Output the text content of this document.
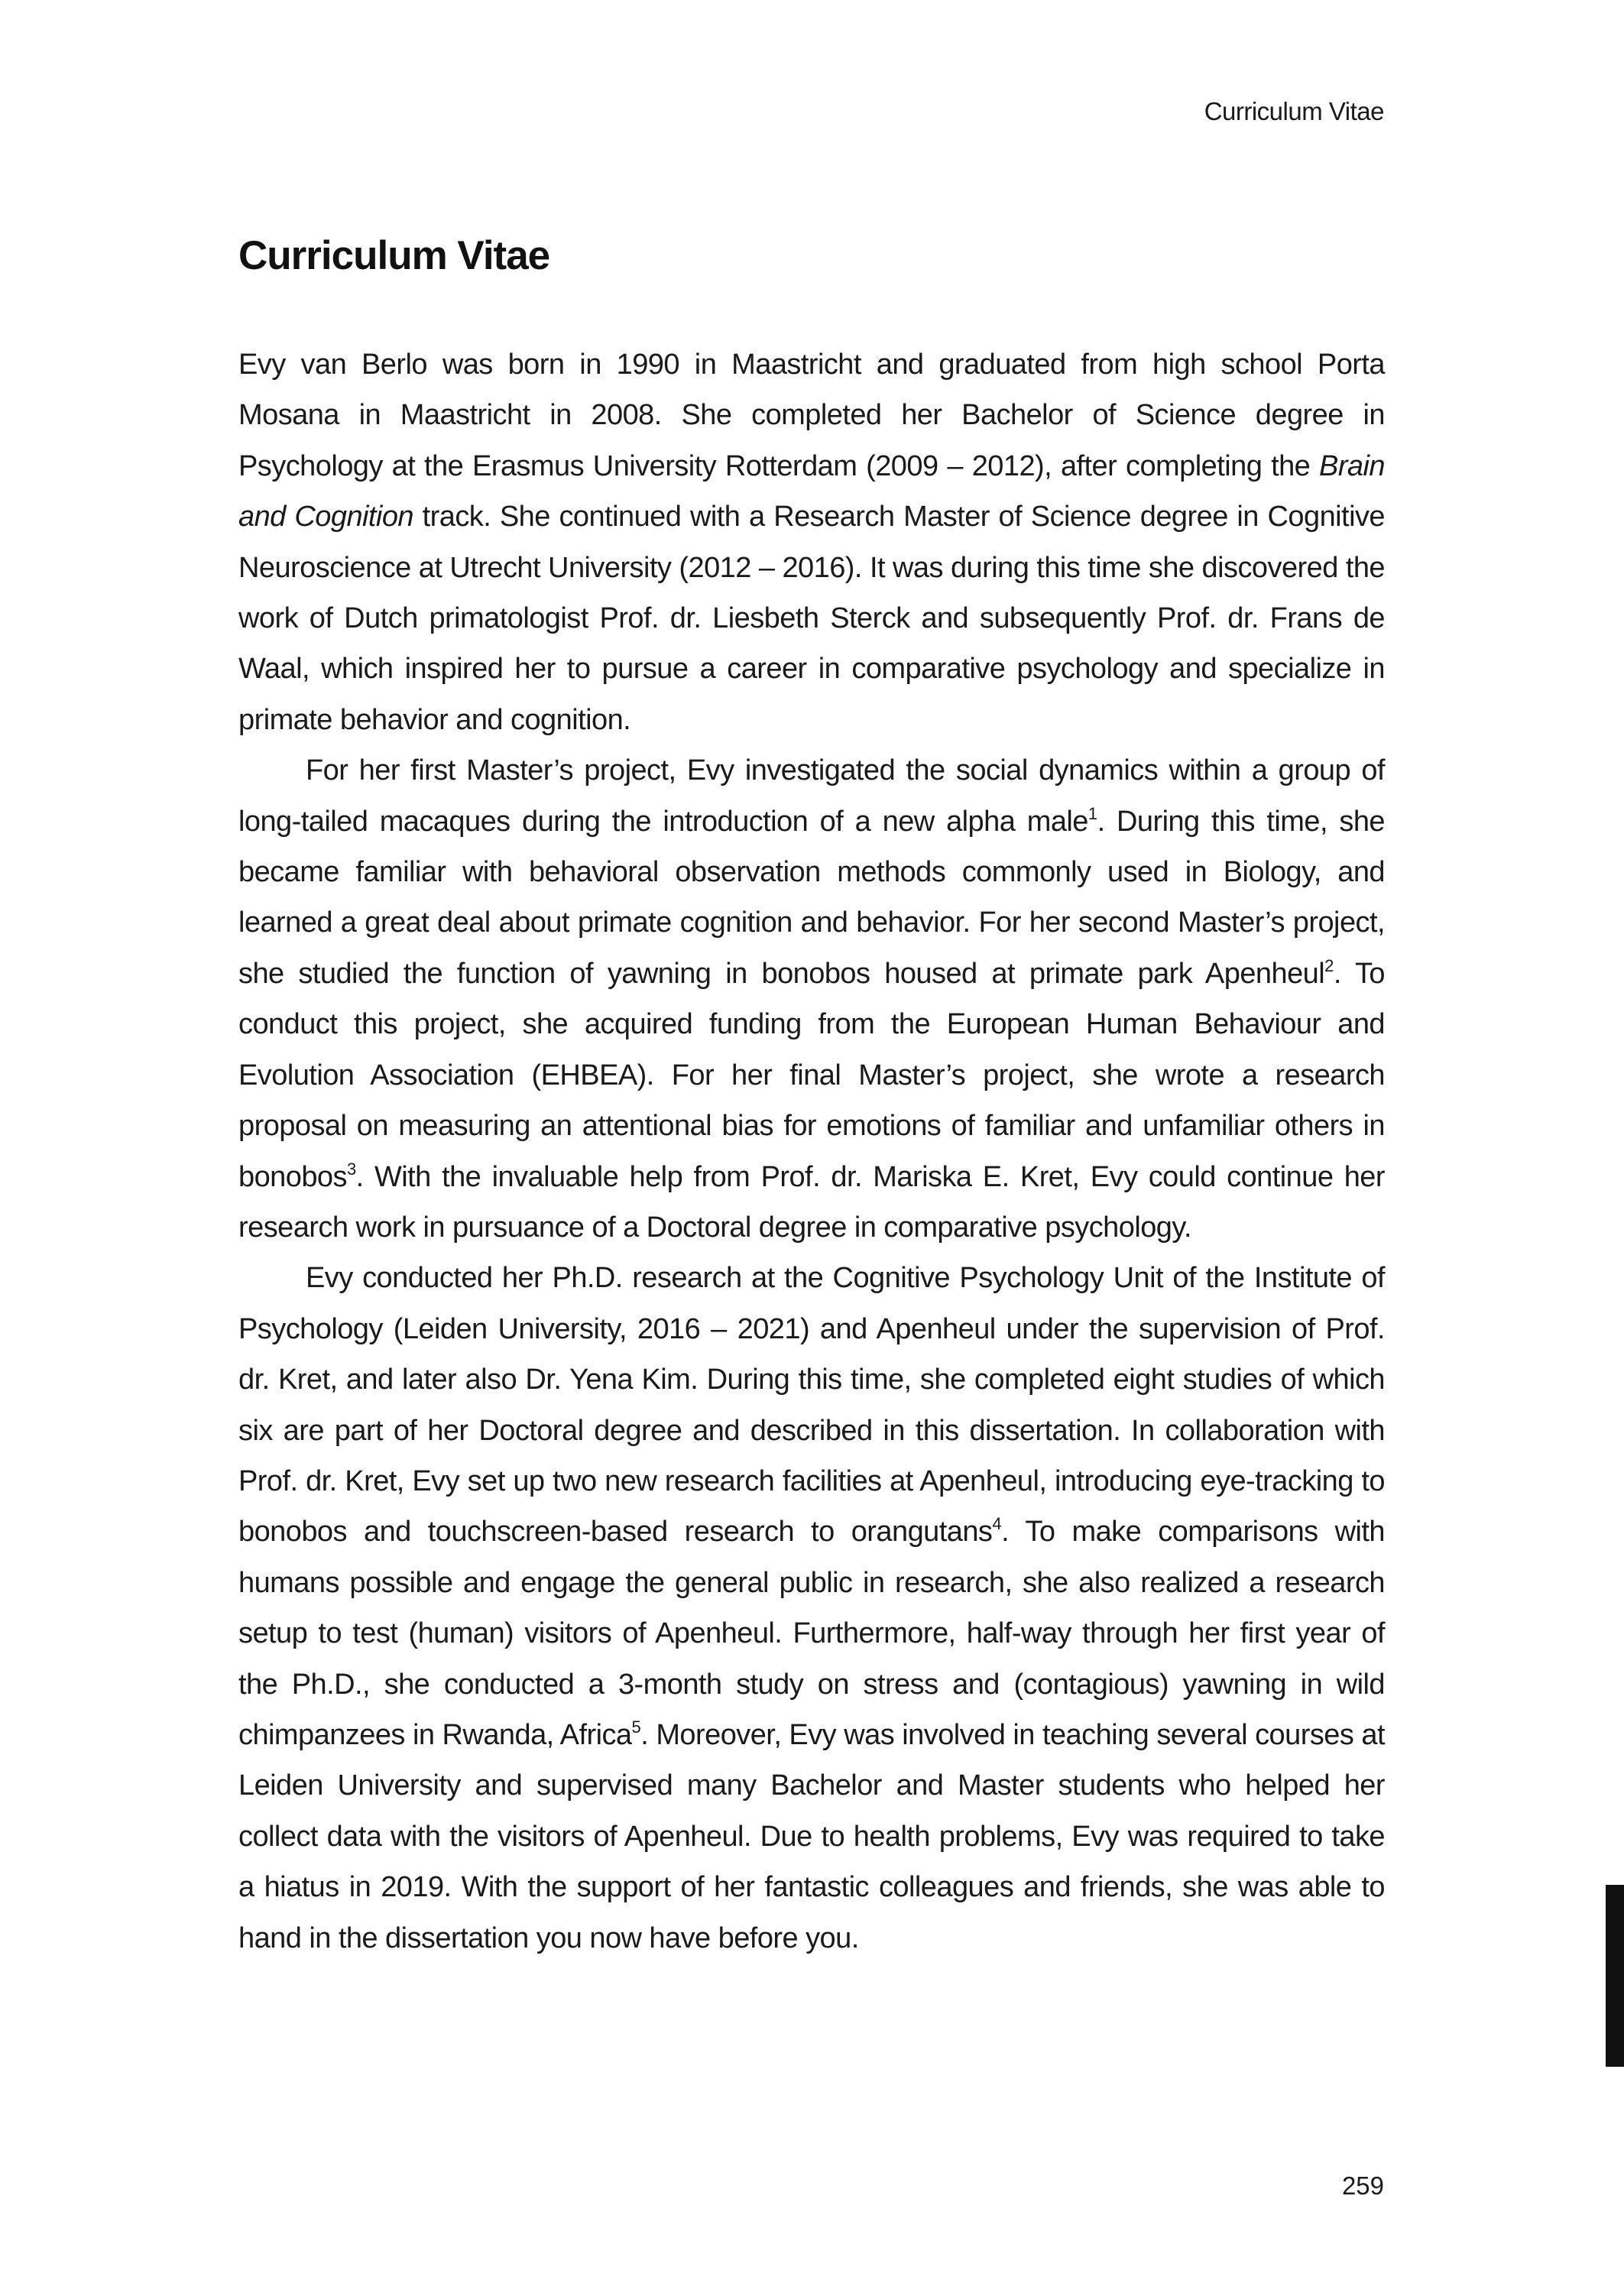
Curriculum Vitae
Curriculum Vitae

Evy van Berlo was born in 1990 in Maastricht and graduated from high school Porta Mosana in Maastricht in 2008. She completed her Bachelor of Science degree in Psychology at the Erasmus University Rotterdam (2009 – 2012), after completing the Brain and Cognition track. She continued with a Research Master of Science degree in Cognitive Neuroscience at Utrecht University (2012 – 2016). It was during this time she discovered the work of Dutch primatologist Prof. dr. Liesbeth Sterck and subsequently Prof. dr. Frans de Waal, which inspired her to pursue a career in comparative psychology and specialize in primate behavior and cognition.

For her first Master’s project, Evy investigated the social dynamics within a group of long-tailed macaques during the introduction of a new alpha male$^1$. During this time, she became familiar with behavioral observation methods commonly used in Biology, and learned a great deal about primate cognition and behavior. For her second Master’s project, she studied the function of yawning in bonobos housed at primate park Apenheul$^2$. To conduct this project, she acquired funding from the European Human Behaviour and Evolution Association (EHBEA). For her final Master’s project, she wrote a research proposal on measuring an attentional bias for emotions of familiar and unfamiliar others in bonobos$^3$. With the invaluable help from Prof. dr. Mariska E. Kret, Evy could continue her research work in pursuance of a Doctoral degree in comparative psychology.

Evy conducted her Ph.D. research at the Cognitive Psychology Unit of the Institute of Psychology (Leiden University, 2016 – 2021) and Apenheul under the supervision of Prof. dr. Kret, and later also Dr. Yena Kim. During this time, she completed eight studies of which six are part of her Doctoral degree and described in this dissertation. In collaboration with Prof. dr. Kret, Evy set up two new research facilities at Apenheul, introducing eye-tracking to bonobos and touchscreen-based research to orangutans$^4$. To make comparisons with humans possible and engage the general public in research, she also realized a research setup to test (human) visitors of Apenheul. Furthermore, half-way through her first year of the Ph.D., she conducted a 3-month study on stress and (contagious) yawning in wild chimpanzees in Rwanda, Africa$^5$. Moreover, Evy was involved in teaching several courses at Leiden University and supervised many Bachelor and Master students who helped her collect data with the visitors of Apenheul. Due to health problems, Evy was required to take a hiatus in 2019. With the support of her fantastic colleagues and friends, she was able to hand in the dissertation you now have before you.

259
